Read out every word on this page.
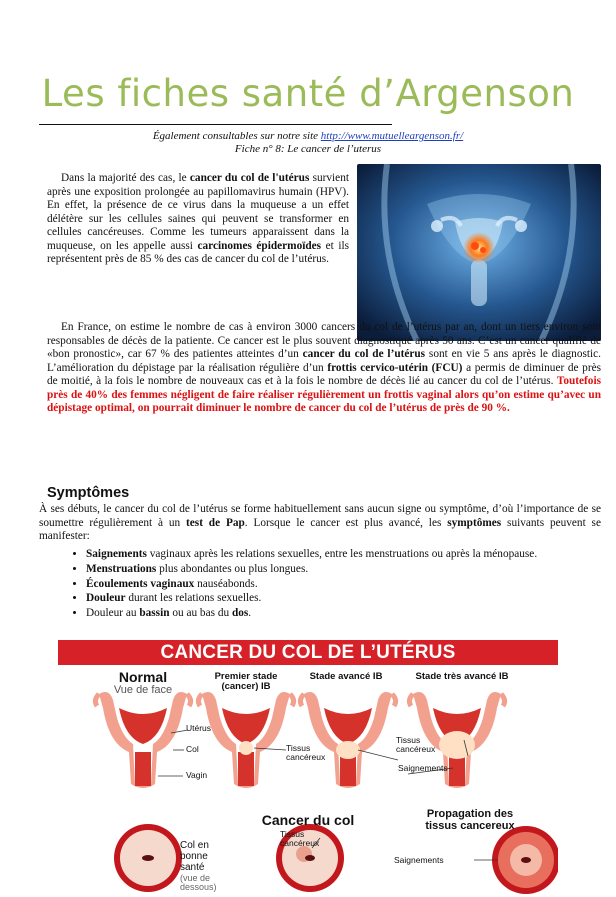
Les fiches santé d’Argenson
Également consultables sur notre site http://www.mutuelleargenson.fr/
Fiche n° 8: Le cancer de l’uterus

Dans la majorité des cas, le cancer du col de l'utérus survient après une exposition prolongée au papillomavirus humain (HPV). En effet, la présence de ce virus dans la muqueuse a un effet délétère sur les cellules saines qui peuvent se transformer en cellules cancéreuses. Comme les tumeurs apparaissent dans la muqueuse, on les appelle aussi carcinomes épidermoïdes et ils représentent près de 85 % des cas de cancer du col de l’utérus.

En France, on estime le nombre de cas à environ 3000 cancers du col de l’utérus par an, dont un tiers environ sont responsables de décès de la patiente. Ce cancer est le plus souvent diagnostiqué après 50 ans. C’est un cancer qualifié de «bon pronostic», car 67 % des patientes atteintes d’un cancer du col de l’utérus sont en vie 5 ans après le diagnostic. L’amélioration du dépistage par la réalisation régulière d’un frottis cervico-utérin (FCU) a permis de diminuer de près de moitié, à la fois le nombre de nouveaux cas et à la fois le nombre de décès lié au cancer du col de l’utérus. Toutefois près de 40% des femmes négligent de faire réaliser régulièrement un frottis vaginal alors qu’on estime qu’avec un dépistage optimal, on pourrait diminuer le nombre de cancer du col de l’utérus de près de 90 %.

Symptômes

À ses débuts, le cancer du col de l’utérus se forme habituellement sans aucun signe ou symptôme, d’où l’importance de se soumettre régulièrement à un test de Pap. Lorsque le cancer est plus avancé, les symptômes suivants peuvent se manifester:

• Saignements vaginaux après les relations sexuelles, entre les menstruations ou après la ménopause.
• Menstruations plus abondantes ou plus longues.
• Écoulements vaginaux nauséabonds.
• Douleur durant les relations sexuelles.
• Douleur au bassin ou au bas du dos.
CANCER DU COL DE L’UTÉRUS
Normal
Vue de face
Premier stade (cancer) IB
Stade avancé IB	Stade très avancé IB
Utérus
Col
Vagin
Tissus cancéreux
Tissus cancéreux
Saignements
Cancer du col	Propagation des tissus cancereux
Col en bonne santé
(vue de dessous)
Tissus cancéreux
Saignements
